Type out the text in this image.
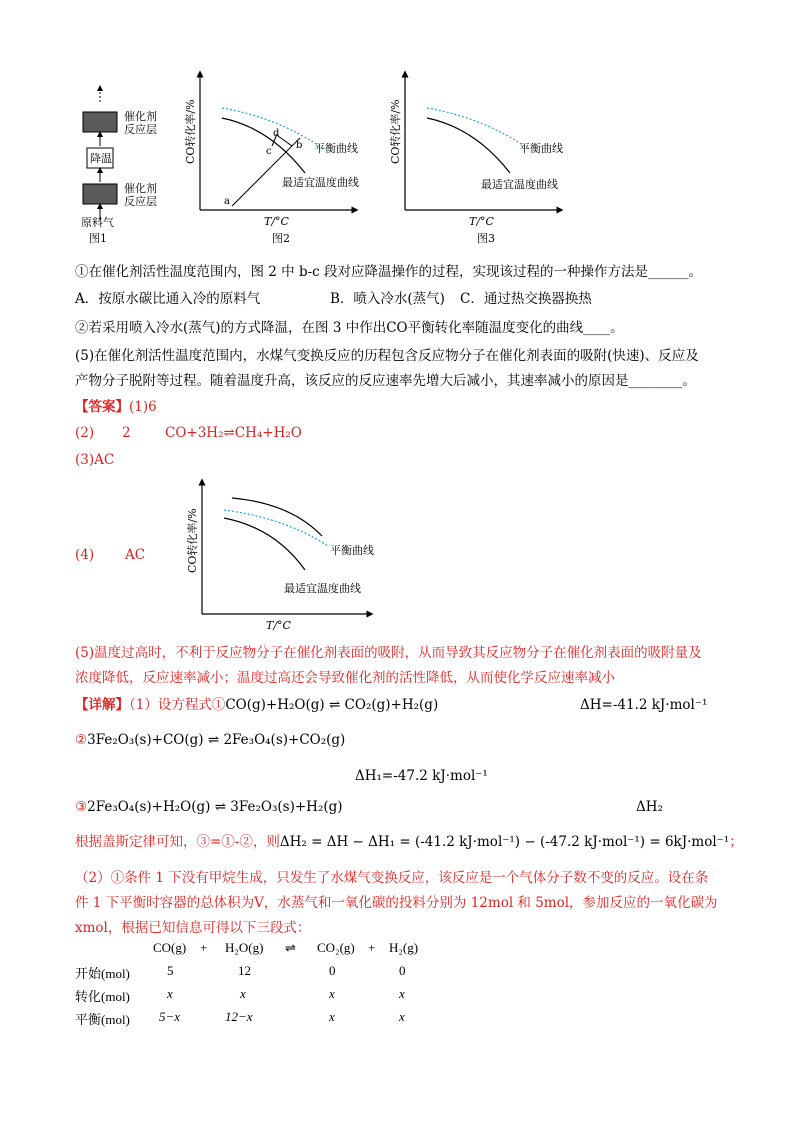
催化剂
反应层
降温
催化剂
反应层
原料气
图1
CO转化率/%
T/°C
a
b
c
d
平衡曲线
最适宜温度曲线
图2
CO转化率/%
T/°C
平衡曲线
最适宜温度曲线
图3
①在催化剂活性温度范围内，图 2 中 b-c 段对应降温操作的过程，实现该过程的一种操作方法是______。
A．按原水碳比通入冷的原料气	B．喷入冷水(蒸气) C．通过热交换器换热
②若采用喷入冷水(蒸气)的方式降温，在图 3 中作出CO平衡转化率随温度变化的曲线____。
(5)在催化剂活性温度范围内，水煤气变换反应的历程包含反应物分子在催化剂表面的吸附(快速)、反应及
产物分子脱附等过程。随着温度升高，该反应的反应速率先增大后减小，其速率减小的原因是________。
【答案】(1)6
(2) 2	CO+3H₂⇌CH₄+H₂O
(3)AC
(4) AC	CO转化率/%
T/°C
平衡曲线
最适宜温度曲线
(5)温度过高时，不利于反应物分子在催化剂表面的吸附，从而导致其反应物分子在催化剂表面的吸附量及
浓度降低，反应速率减小；温度过高还会导致催化剂的活性降低，从而使化学反应速率减小
【详解】（1）设方程式①CO(g)+H₂O(g) ⇌ CO₂(g)+H₂(g)	ΔH=-41.2 kJ·mol⁻¹
②3Fe₂O₃(s)+CO(g) ⇌ 2Fe₃O₄(s)+CO₂(g)
ΔH₁=-47.2 kJ·mol⁻¹
③2Fe₃O₄(s)+H₂O(g) ⇌ 3Fe₂O₃(s)+H₂(g)	ΔH₂
根据盖斯定律可知，③=①-②，则ΔH₂ = ΔH − ΔH₁ = (-41.2 kJ·mol⁻¹) − (-47.2 kJ·mol⁻¹) = 6kJ·mol⁻¹；
（2）①条件 1 下没有甲烷生成，只发生了水煤气变换反应，该反应是一个气体分子数不变的反应。设在条
件 1 下平衡时容器的总体积为V，水蒸气和一氧化碳的投料分别为 12mol 和 5mol，参加反应的一氧化碳为
xmol，根据已知信息可得以下三段式：
CO(g) + H₂O(g) ⇌ CO₂(g) + H₂(g)
开始(mol)	5	12	0	0
转化(mol)	x	x	x	x
平衡(mol) 5−x	12−x	x	x
